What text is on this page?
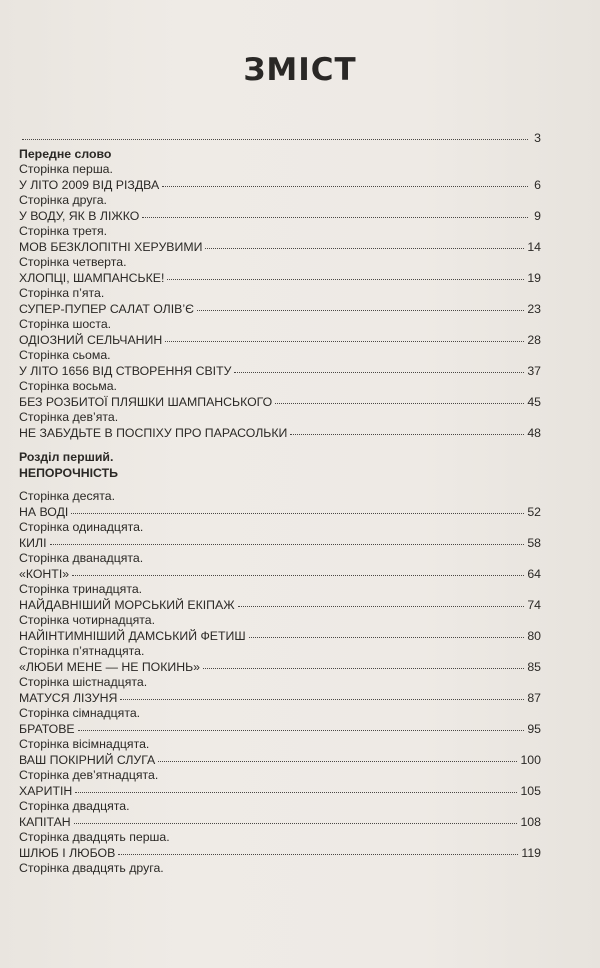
ЗМІСТ
3
Передне слово
Сторінка перша.
У ЛІТО 2009 ВІД РІЗДВА	6
Сторінка друга.
У ВОДУ, ЯК В ЛІЖКО	9
Сторінка третя.
МОВ БЕЗКЛОПІТНІ ХЕРУВИМИ	14
Сторінка четверта.
ХЛОПЦІ, ШАМПАНСЬКЕ!	19
Сторінка п’ята.
СУПЕР-ПУПЕР САЛАТ ОЛІВ’Є	23
Сторінка шоста.
ОДІОЗНИЙ СЕЛЬЧАНИН	28
Сторінка сьома.
У ЛІТО 1656 ВІД СТВОРЕННЯ СВІТУ	37
Сторінка восьма.
БЕЗ РОЗБИТОЇ ПЛЯШКИ ШАМПАНСЬКОГО	45
Сторінка дев’ята.
НЕ ЗАБУДЬТЕ В ПОСПІХУ ПРО ПАРАСОЛЬКИ	48
Розділ перший.
НЕПОРОЧНІСТЬ
Сторінка десята.
НА ВОДІ	52
Сторінка одинадцята.
КИЛІ	58
Сторінка дванадцята.
«КОНТІ»	64
Сторінка тринадцята.
НАЙДАВНІШИЙ МОРСЬКИЙ ЕКІПАЖ	74
Сторінка чотирнадцята.
НАЙІНТИМНІШИЙ ДАМСЬКИЙ ФЕТИШ	80
Сторінка п’ятнадцята.
«ЛЮБИ МЕНЕ — НЕ ПОКИНЬ»	85
Сторінка шістнадцята.
МАТУСЯ ЛІЗУНЯ	87
Сторінка сімнадцята.
БРАТОВЕ	95
Сторінка вісімнадцята.
ВАШ ПОКІРНИЙ СЛУГА	100
Сторінка дев’ятнадцята.
ХАРИТІН	105
Сторінка двадцята.
КАПІТАН	108
Сторінка двадцять перша.
ШЛЮБ І ЛЮБОВ	119
Сторінка двадцять друга.
